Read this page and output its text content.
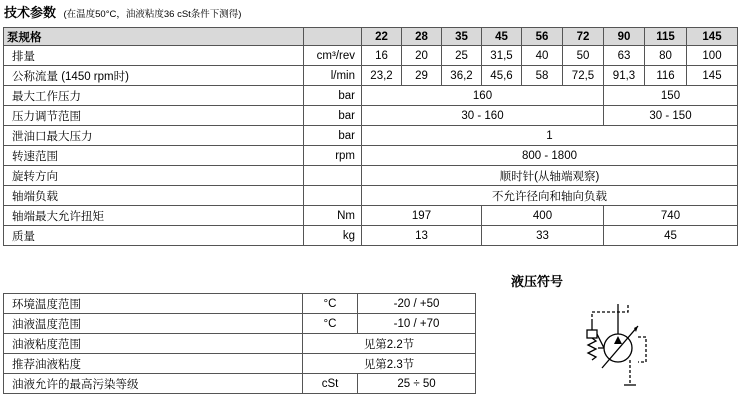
技术参数 (在温度50°C，油液粘度36 cSt条件下测得)
泵规格		22	28	35	45	56	72	90	115	145
排量	cm³/rev	16	20	25	31,5	40	50	63	80	100
公称流量 (1450 rpm时)	l/min	23,2	29	36,2	45,6	58	72,5	91,3	116	145
最大工作压力	bar	160						150		
压力调节范围	bar	30 - 160						30 - 150		
泄油口最大压力	bar	1								
转速范围	rpm	800 - 1800								
旋转方向		顺时针(从轴端观察)								
轴端负载		不允许径向和轴向负载								
轴端最大允许扭矩	Nm	197			400			740		
质量	kg	13			33			45		
液压符号
环境温度范围	°C	-20 / +50
油液温度范围	°C	-10 / +70
油液粘度范围	见第2.2节	
推荐油液粘度	见第2.3节	
油液允许的最高污染等级	cSt	25 ÷ 50
